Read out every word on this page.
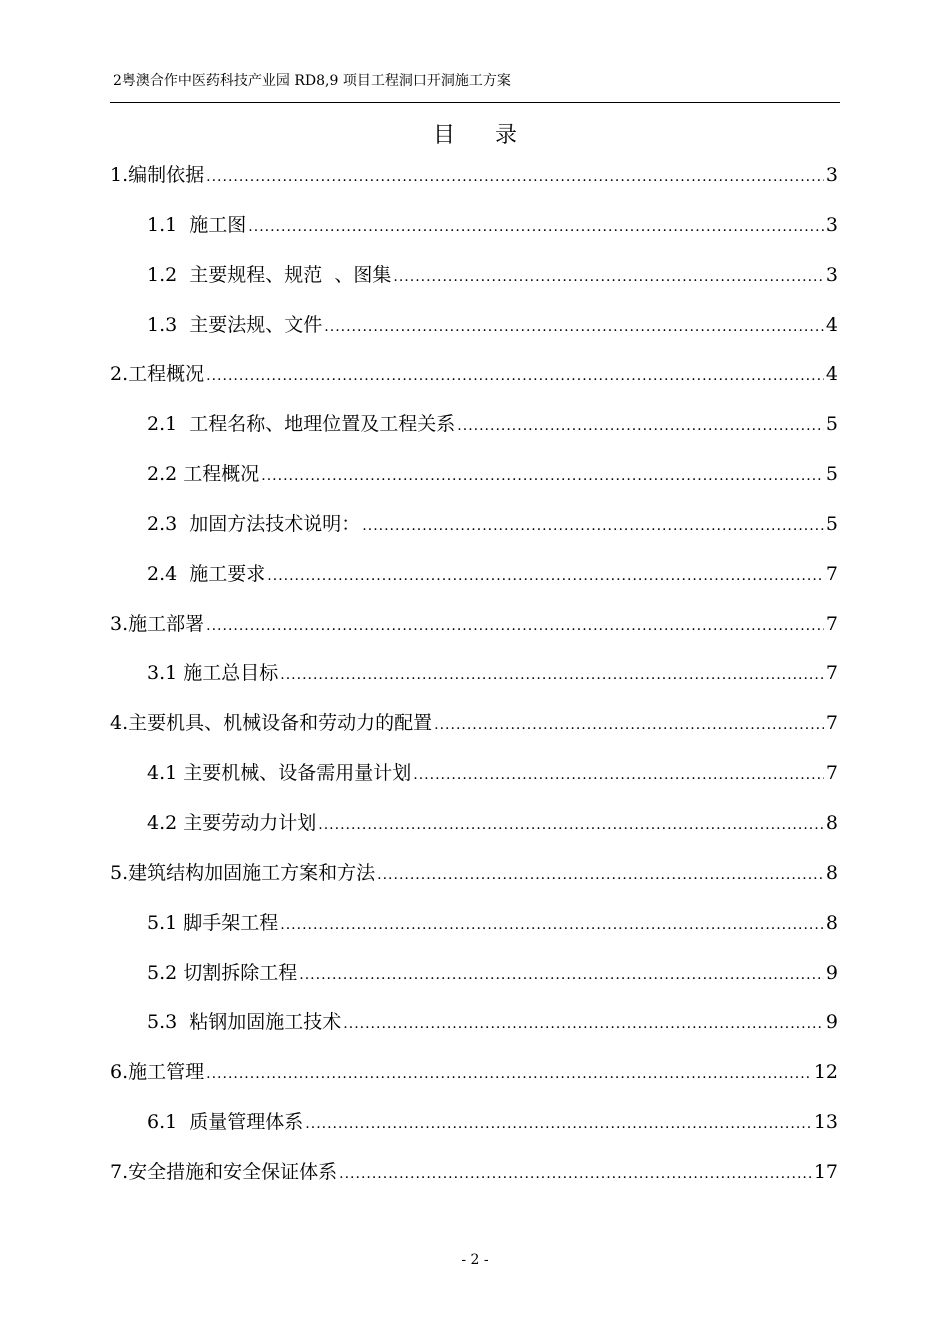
2粤澳合作中医药科技产业园 RD8,9 项目工程洞口开洞施工方案
目录
1.编制依据 .....	3
1.1  施工图 .....	3
1.2  主要规程、规范  、图集 .....	3
1.3  主要法规、文件 .....	4
2.工程概况 .....	4
2.1  工程名称、地理位置及工程关系 .....	5
2.2 工程概况 .....	5
2.3  加固方法技术说明： .....	5
2.4  施工要求 .....	7
3.施工部署 .....	7
3.1 施工总目标 .....	7
4.主要机具、机械设备和劳动力的配置 .....	7
4.1 主要机械、设备需用量计划 .....	7
4.2 主要劳动力计划 .....	8
5.建筑结构加固施工方案和方法 .....	8
5.1 脚手架工程 .....	8
5.2 切割拆除工程 .....	9
5.3  粘钢加固施工技术 .....	9
6.施工管理 .....	12
6.1  质量管理体系 .....	13
7.安全措施和安全保证体系 .....	17
- 2 -
